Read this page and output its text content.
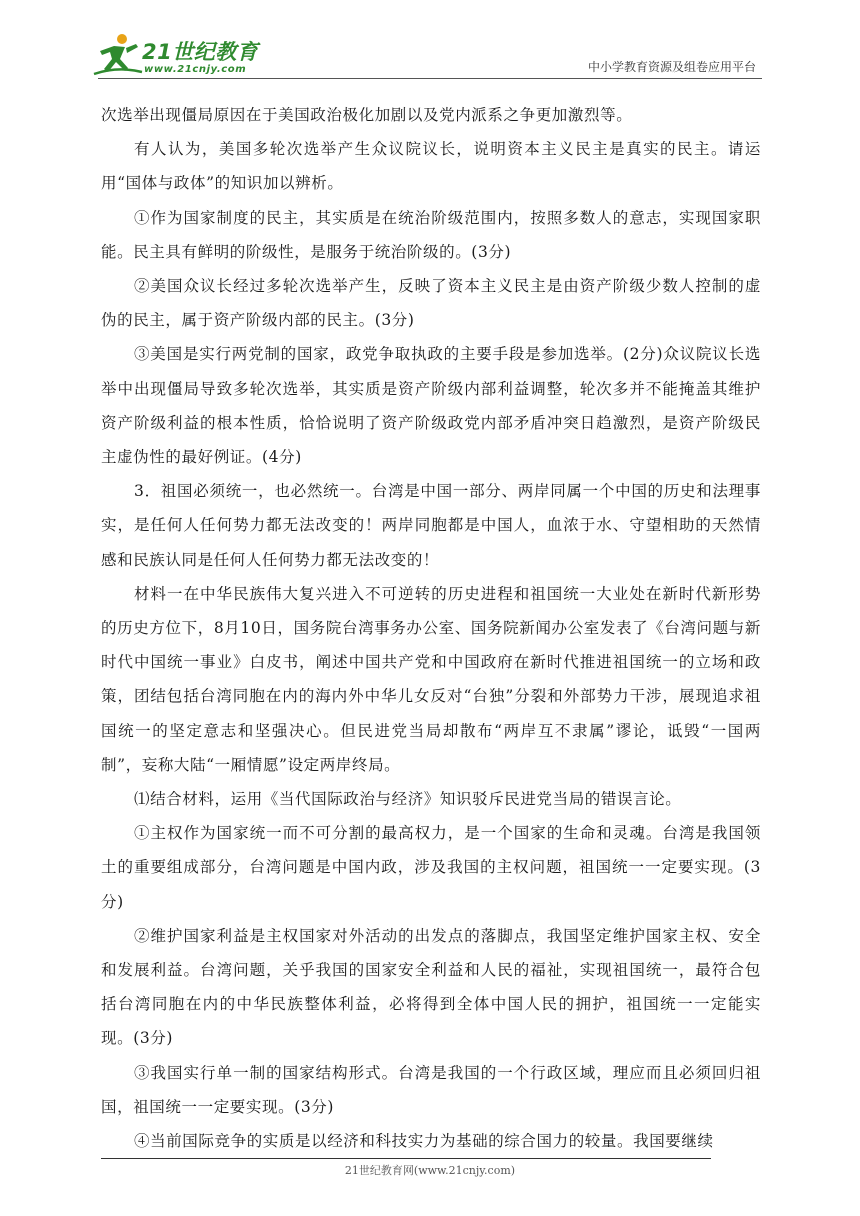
21世纪教育
www.21cnjy.com	中小学教育资源及组卷应用平台

次选举出现僵局原因在于美国政治极化加剧以及党内派系之争更加激烈等。

有人认为，美国多轮次选举产生众议院议长，说明资本主义民主是真实的民主。请运用“国体与政体”的知识加以辨析。

①作为国家制度的民主，其实质是在统治阶级范围内，按照多数人的意志，实现国家职能。民主具有鲜明的阶级性，是服务于统治阶级的。(3分)

②美国众议长经过多轮次选举产生，反映了资本主义民主是由资产阶级少数人控制的虚伪的民主，属于资产阶级内部的民主。(3分)

③美国是实行两党制的国家，政党争取执政的主要手段是参加选举。(2分)众议院议长选举中出现僵局导致多轮次选举，其实质是资产阶级内部利益调整，轮次多并不能掩盖其维护资产阶级利益的根本性质，恰恰说明了资产阶级政党内部矛盾冲突日趋激烈，是资产阶级民主虚伪性的最好例证。(4分)

3．祖国必须统一，也必然统一。台湾是中国一部分、两岸同属一个中国的历史和法理事实，是任何人任何势力都无法改变的！两岸同胞都是中国人，血浓于水、守望相助的天然情感和民族认同是任何人任何势力都无法改变的！

材料一在中华民族伟大复兴进入不可逆转的历史进程和祖国统一大业处在新时代新形势的历史方位下，8月10日，国务院台湾事务办公室、国务院新闻办公室发表了《台湾问题与新时代中国统一事业》白皮书，阐述中国共产党和中国政府在新时代推进祖国统一的立场和政策，团结包括台湾同胞在内的海内外中华儿女反对“台独”分裂和外部势力干涉，展现追求祖国统一的坚定意志和坚强决心。但民进党当局却散布“两岸互不隶属”谬论，诋毁“一国两制”，妄称大陆“一厢情愿”设定两岸终局。

⑴结合材料，运用《当代国际政治与经济》知识驳斥民进党当局的错误言论。

①主权作为国家统一而不可分割的最高权力，是一个国家的生命和灵魂。台湾是我国领土的重要组成部分，台湾问题是中国内政，涉及我国的主权问题，祖国统一一定要实现。(3分)

②维护国家利益是主权国家对外活动的出发点的落脚点，我国坚定维护国家主权、安全和发展利益。台湾问题，关乎我国的国家安全利益和人民的福祉，实现祖国统一，最符合包括台湾同胞在内的中华民族整体利益，必将得到全体中国人民的拥护，祖国统一一定能实现。(3分)

③我国实行单一制的国家结构形式。台湾是我国的一个行政区域，理应而且必须回归祖国，祖国统一一定要实现。(3分)

④当前国际竞争的实质是以经济和科技实力为基础的综合国力的较量。我国要继续

21世纪教育网(www.21cnjy.com)
